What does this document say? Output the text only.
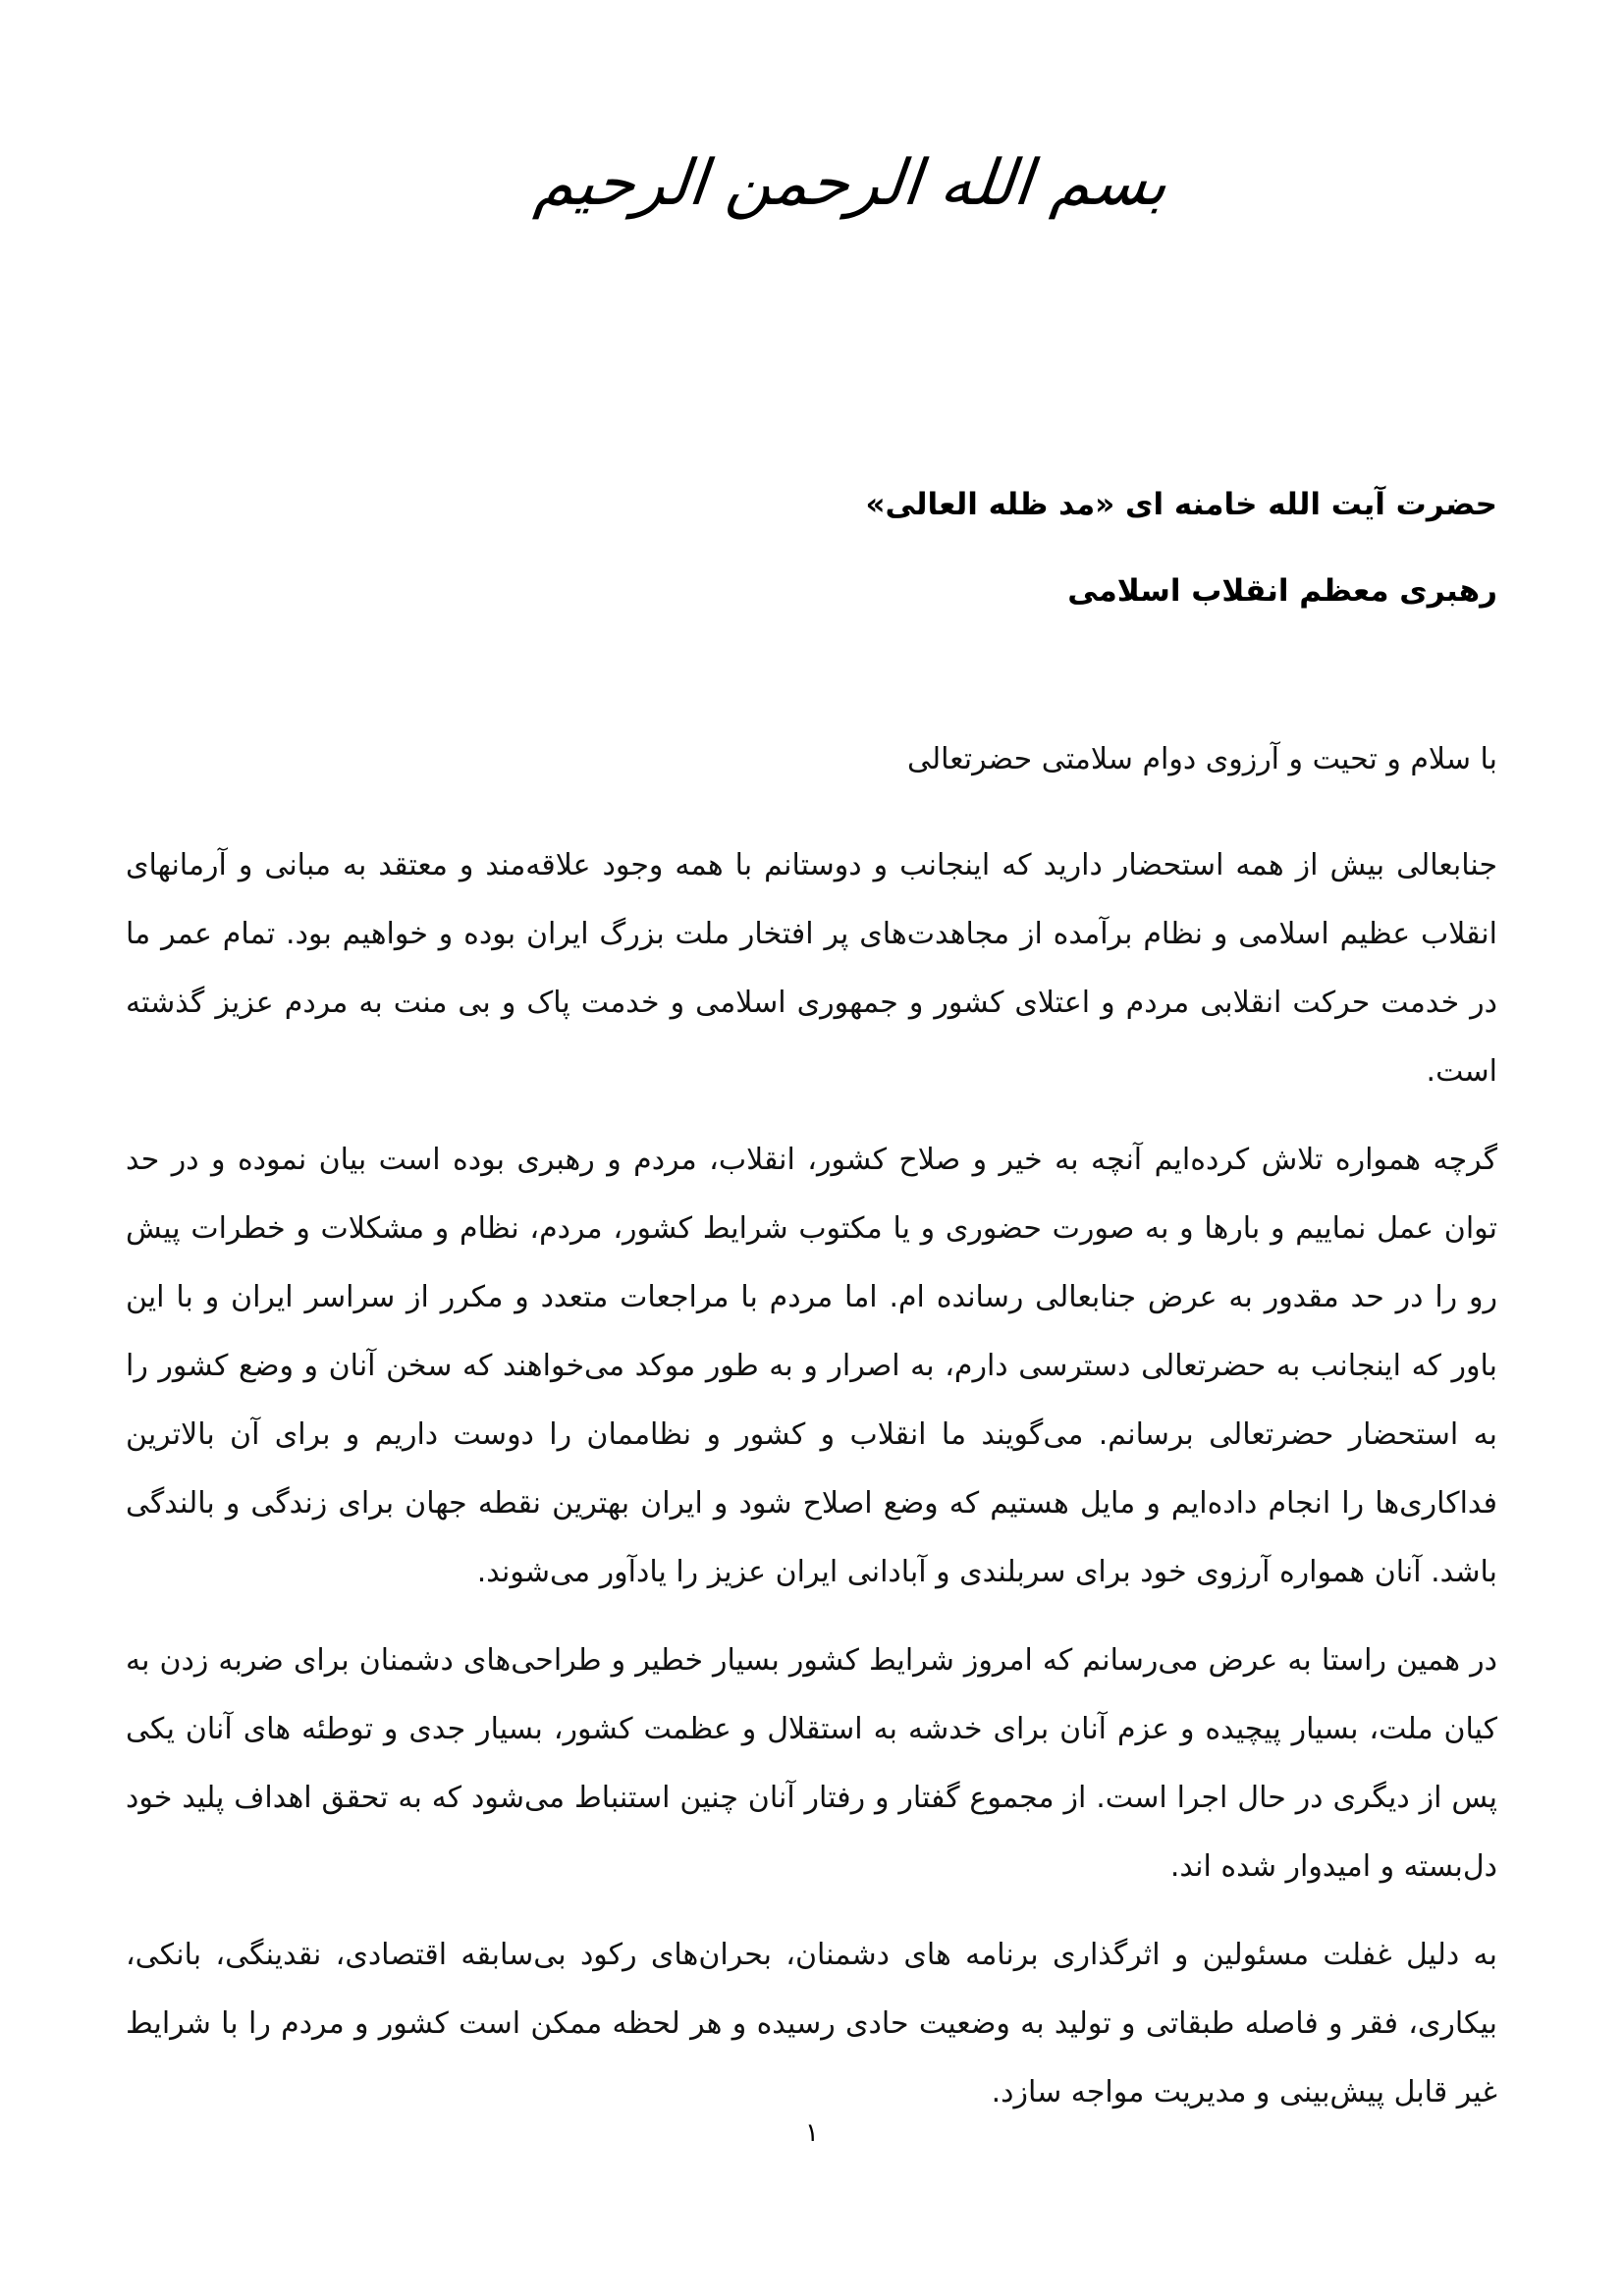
بسم الله الرحمن الرحیم

حضرت آیت الله خامنه ای «مد ظله العالی»

رهبری معظم انقلاب اسلامی

با سلام و تحیت و آرزوی دوام سلامتی حضرتعالی

جنابعالی بیش از همه استحضار دارید که اینجانب و دوستانم با همه وجود علاقه‌مند و معتقد به مبانی و آرمانهای انقلاب عظیم اسلامی و نظام برآمده از مجاهدت‌های پر افتخار ملت بزرگ ایران بوده و خواهیم بود. تمام عمر ما در خدمت حرکت انقلابی مردم و اعتلای کشور و جمهوری اسلامی و خدمت پاک و بی منت به مردم عزیز گذشته است.

گرچه همواره تلاش کرده‌ایم آنچه به خیر و صلاح کشور، انقلاب، مردم و رهبری بوده است بیان نموده و در حد توان عمل نماییم و بارها و به صورت حضوری و یا مکتوب شرایط کشور، مردم، نظام و مشکلات و خطرات پیش رو را در حد مقدور به عرض جنابعالی رسانده ام. اما مردم با مراجعات متعدد و مکرر از سراسر ایران و با این باور که اینجانب به حضرتعالی دسترسی دارم، به اصرار و به طور موکد می‌خواهند که سخن آنان و وضع کشور را به استحضار حضرتعالی برسانم. می‌گویند ما انقلاب و کشور و نظاممان را دوست داریم و برای آن بالاترین فداکاری‌ها را انجام داده‌ایم و مایل هستیم که وضع اصلاح شود و ایران بهترین نقطه جهان برای زندگی و بالندگی باشد. آنان همواره آرزوی خود برای سربلندی و آبادانی ایران عزیز را یادآور می‌شوند.

در همین راستا به عرض می‌رسانم که امروز شرایط کشور بسیار خطیر و طراحی‌های دشمنان برای ضربه زدن به کیان ملت، بسیار پیچیده و عزم آنان برای خدشه به استقلال و عظمت کشور، بسیار جدی و توطئه های آنان یکی پس از دیگری در حال اجرا است. از مجموع گفتار و رفتار آنان چنین استنباط می‌شود که به تحقق اهداف پلید خود دل‌بسته و امیدوار شده اند.

به دلیل غفلت مسئولین و اثرگذاری برنامه های دشمنان، بحران‌های رکود بی‌سابقه اقتصادی، نقدینگی، بانکی، بیکاری، فقر و فاصله طبقاتی و تولید به وضعیت حادی رسیده و هر لحظه ممکن است کشور و مردم را با شرایط غیر قابل پیش‌بینی و مدیریت مواجه سازد.

۱
